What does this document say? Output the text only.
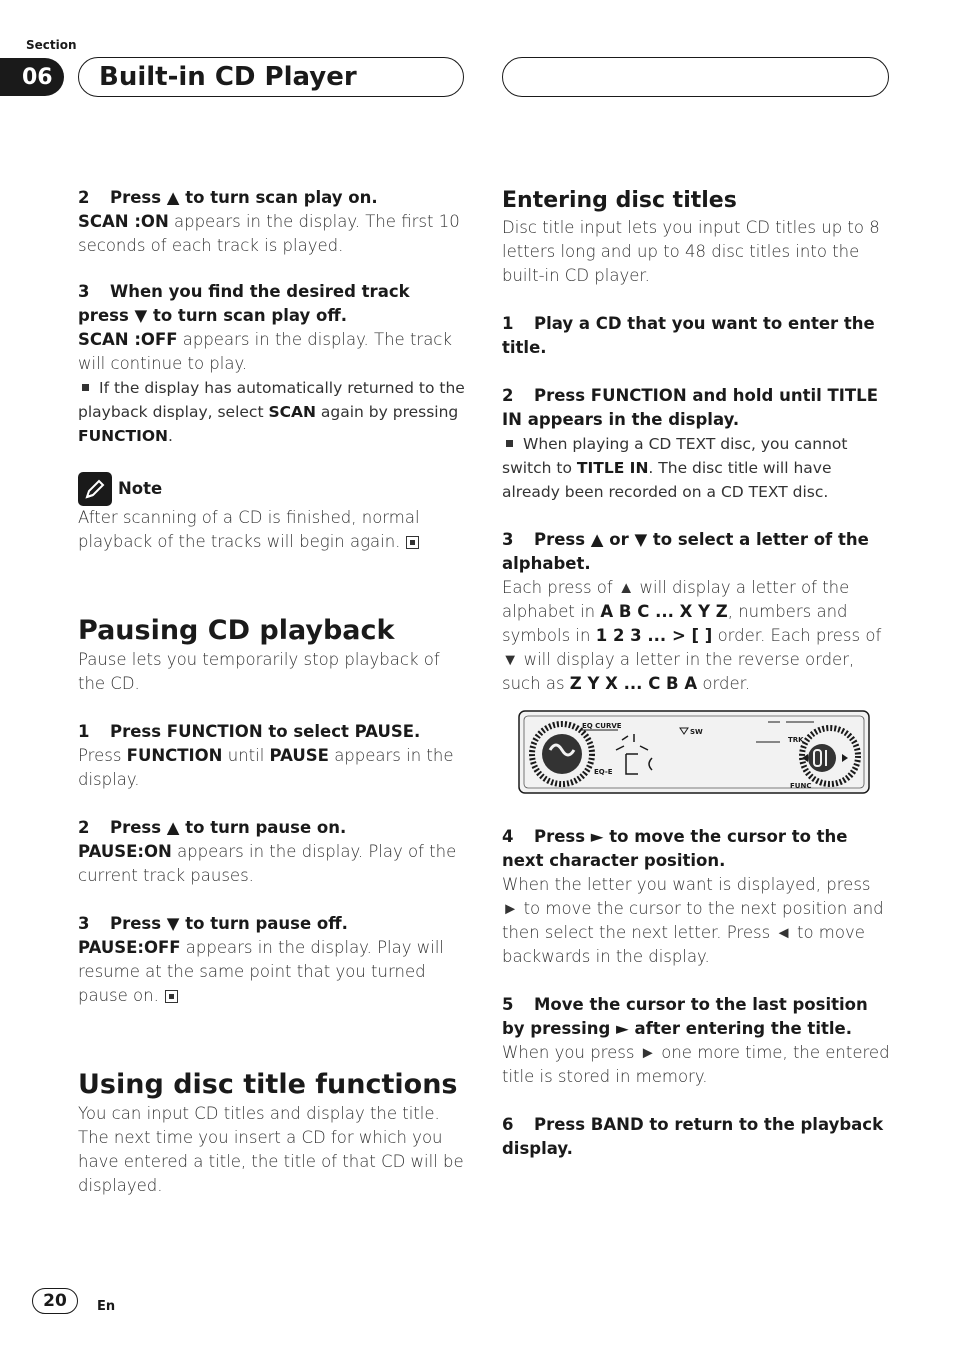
Section
06	Built-in CD Player
2 Press ▲ to turn scan play on.
SCAN :ON appears in the display. The first 10 seconds of each track is played.
3 When you find the desired track press ▼ to turn scan play off.
SCAN :OFF appears in the display. The track will continue to play.
If the display has automatically returned to the playback display, select SCAN again by pressing FUNCTION.
Note
After scanning of a CD is finished, normal playback of the tracks will begin again.
Pausing CD playback
Pause lets you temporarily stop playback of the CD.
1 Press FUNCTION to select PAUSE.
Press FUNCTION until PAUSE appears in the display.
2 Press ▲ to turn pause on.
PAUSE:ON appears in the display. Play of the current track pauses.
3 Press ▼ to turn pause off.
PAUSE:OFF appears in the display. Play will resume at the same point that you turned pause on.
Using disc title functions
You can input CD titles and display the title. The next time you insert a CD for which you have entered a title, the title of that CD will be displayed.
Entering disc titles
Disc title input lets you input CD titles up to 8 letters long and up to 48 disc titles into the built-in CD player.
1 Play a CD that you want to enter the title.
2 Press FUNCTION and hold until TITLE IN appears in the display.
When playing a CD TEXT disc, you cannot switch to TITLE IN. The disc title will have already been recorded on a CD TEXT disc.
3 Press ▲ or ▼ to select a letter of the alphabet.
Each press of ▲ will display a letter of the alphabet in A B C ... X Y Z, numbers and symbols in 1 2 3 ... > [ ] order. Each press of ▼ will display a letter in the reverse order, such as Z Y X ... C B A order.
EQ CURVE
EQ-E
SW
TRK
FUNC
4 Press ► to move the cursor to the next character position.
When the letter you want is displayed, press ► to move the cursor to the next position and then select the next letter. Press ◄ to move backwards in the display.
5 Move the cursor to the last position by pressing ► after entering the title.
When you press ► one more time, the entered title is stored in memory.
6 Press BAND to return to the playback display.
20	En
